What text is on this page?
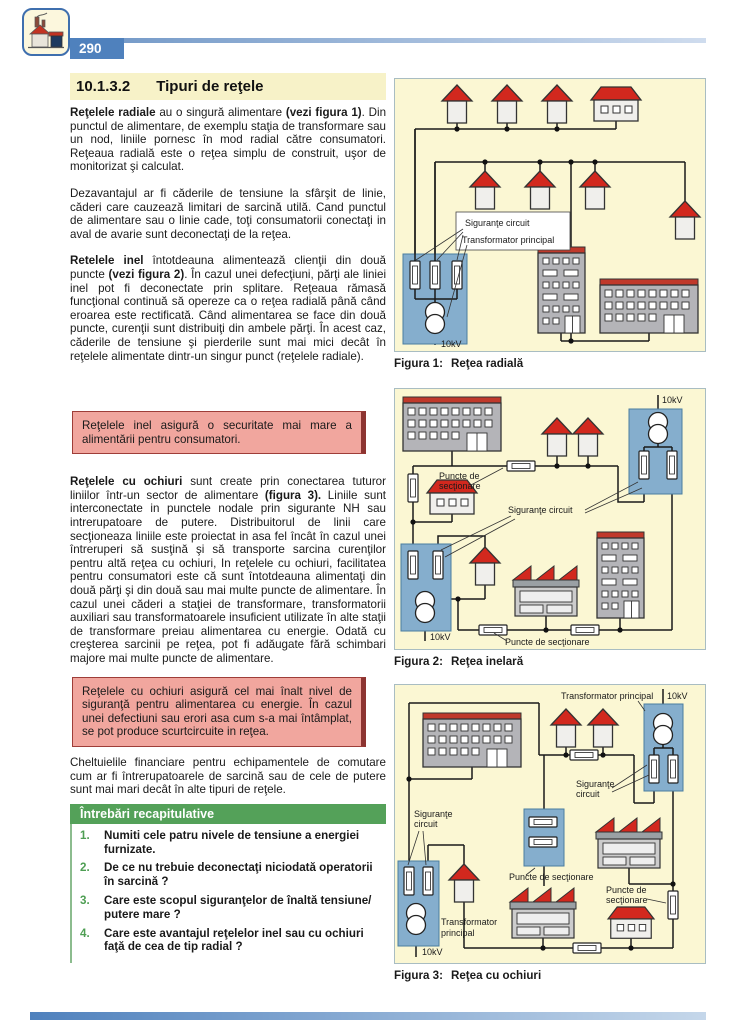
290
10.1.3.2 Tipuri de reţele

Reţelele radiale au o singură alimentare (vezi figura 1). Din punctul de alimentare, de exemplu staţia de transformare sau un nod, liniile pornesc în mod radial către consumatori. Reţeaua radială este o reţea simplu de construit, uşor de monitorizat şi calculat.

Dezavantajul ar fi căderile de tensiune la sfârşit de linie, căderi care cauzează limitari de sarcină utilă. Cand punctul de alimentare sau o linie cade, toţi consumatorii conectaţi in aval de avarie sunt deconectaţi de la reţea.

Retelele inel întotdeauna alimentează clienţii din două puncte (vezi figura 2). În cazul unei defecţiuni, părţi ale liniei inel pot fi deconectate prin splitare. Reţeaua rămasă funcţional continuă să opereze ca o reţea radială până când eroarea este rectificată. Când alimentarea se face din două puncte, curenţii sunt distribuiţi din ambele părţi. În acest caz, căderile de tensiune şi pierderile sunt mai mici decât în reţelele alimentate dintr-un singur punct (reţelele radiale).

Reţelele inel asigură o securitate mai mare a alimentării pentru consumatori.

Reţelele cu ochiuri sunt create prin conectarea tuturor liniilor într-un sector de alimentare (figura 3). Liniile sunt interconectate in punctele nodale prin sigurante NH sau intrerupatoare de putere. Distribuitorul de linii care secţioneaza liniile este proiectat in asa fel încât în cazul unei întreruperi să susţină şi să transporte sarcina curenţilor pentru altă reţea cu ochiuri, In reţelele cu ochiuri, facilitatea pentru consumatori este că sunt întotdeauna alimentaţi din două părţi şi din două sau mai multe puncte de alimentare. În cazul unei căderi a staţiei de transformare, transformatorii auxiliari sau transformatoarele insuficient utilizate în alte staţii de transformare preiau alimentarea cu energie. Odată cu creşterea sarcinii pe reţea, pot fi adăugate fără schimbari majore mai multe puncte de alimentare.

Reţelele cu ochiuri asigură cel mai înalt nivel de siguranţă pentru alimentarea cu energie. În cazul unei defectiuni sau erori asa cum s-a mai întâmplat, se pot produce scurtcircuite in reţea.

Cheltuielile financiare pentru echipamentele de comutare cum ar fi întrerupatoarele de sarcină sau de cele de putere sunt mai mari decât în alte tipuri de reţele.

Întrebări recapitulative
1.	Numiti cele patru nivele de tensiune a energiei furnizate.
2.	De ce nu trebuie deconectaţi niciodată operatorii în sarcină ?
3.	Care este scopul siguranţelor de înaltă tensiune/ putere mare ?
4.	Care este avantajul reţelelor inel sau cu ochiuri faţă de cea de tip radial ?
Siguranţe circuit
Transformator principal
10kV
Figura 1: Reţea radială
10kV
Puncte de
secţionare
Siguranţe circuit
10kV	Puncte de secţionare
Figura 2: Reţea inelară
Transformator principal 10kV
Siguranţe
circuit
Siguranţe
circuit
Puncte de secţionare
Puncte de
secţionare
Transformator
principal
10kV
Figura 3: Reţea cu ochiuri
